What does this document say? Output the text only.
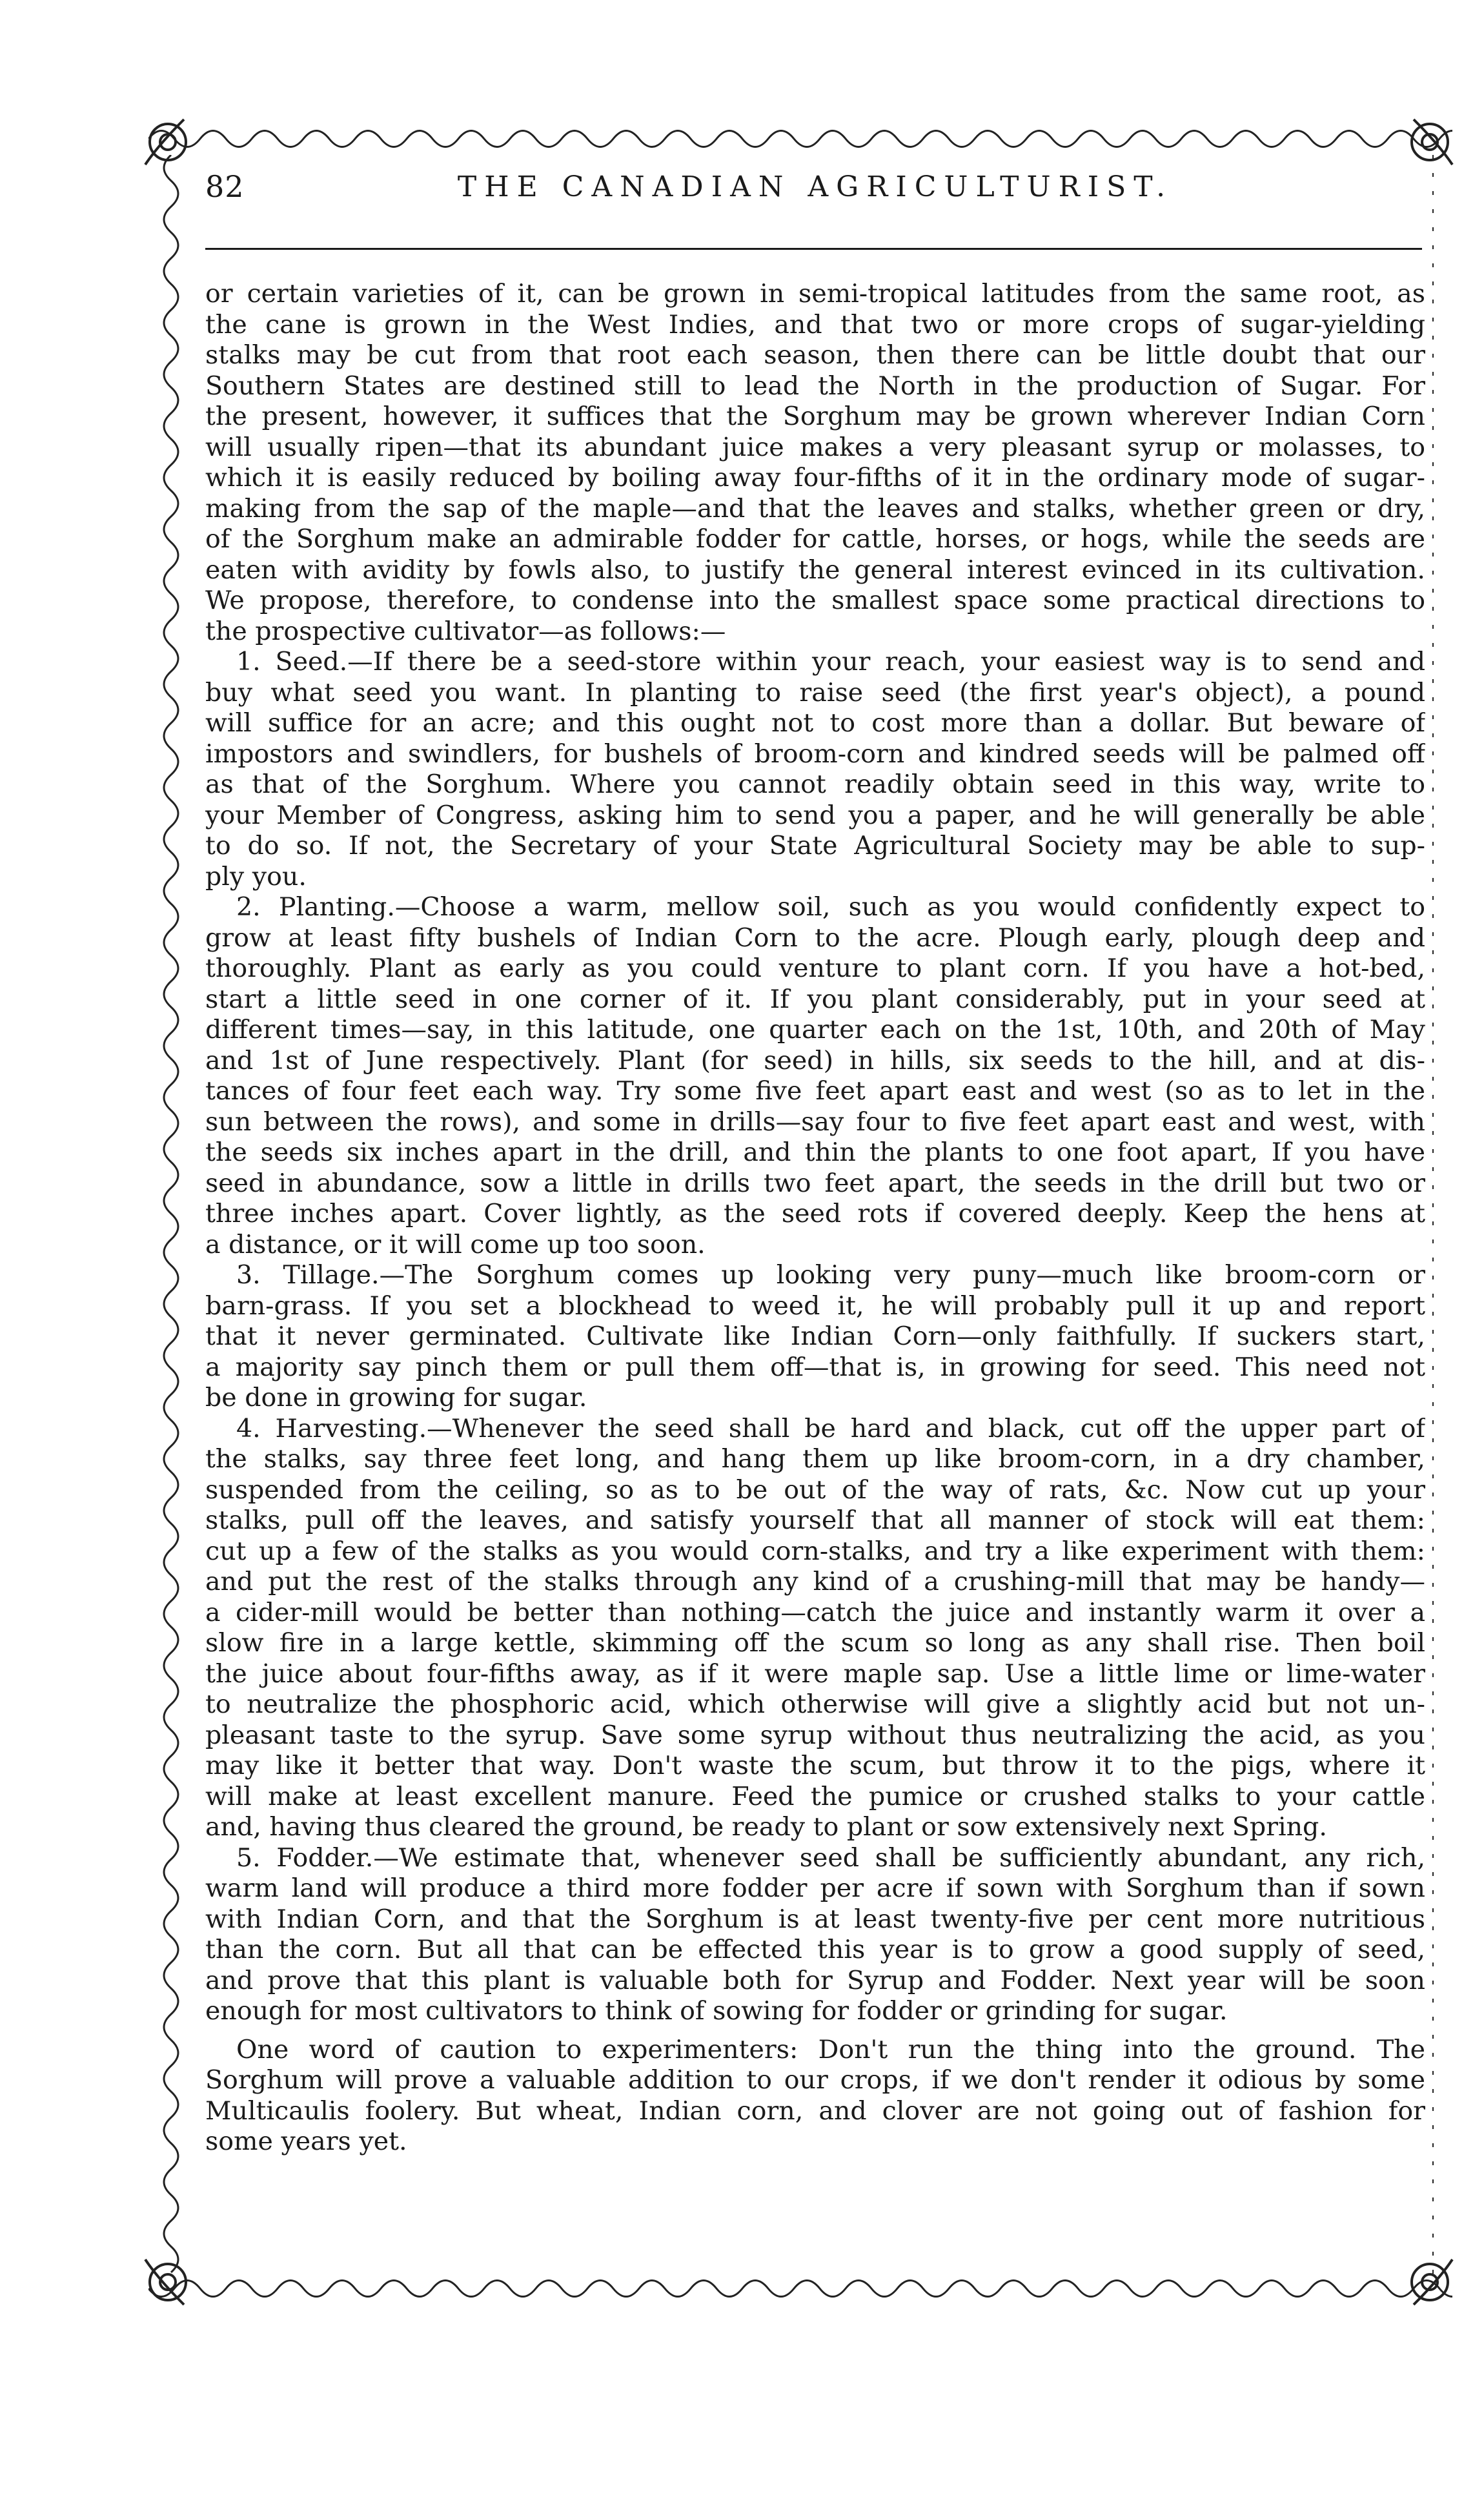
82	THE CANADIAN AGRICULTURIST.
or certain varieties of it, can be grown in semi-tropical latitudes from the same root, as
the cane is grown in the West Indies, and that two or more crops of sugar-yielding
stalks may be cut from that root each season, then there can be little doubt that our
Southern States are destined still to lead the North in the production of Sugar. For
the present, however, it suffices that the Sorghum may be grown wherever Indian Corn
will usually ripen—that its abundant juice makes a very pleasant syrup or molasses, to
which it is easily reduced by boiling away four-fifths of it in the ordinary mode of sugar-
making from the sap of the maple—and that the leaves and stalks, whether green or dry,
of the Sorghum make an admirable fodder for cattle, horses, or hogs, while the seeds are
eaten with avidity by fowls also, to justify the general interest evinced in its cultivation.
We propose, therefore, to condense into the smallest space some practical directions to
the prospective cultivator—as follows:—
1. Seed.—If there be a seed-store within your reach, your easiest way is to send and
buy what seed you want. In planting to raise seed (the first year's object), a pound
will suffice for an acre; and this ought not to cost more than a dollar. But beware of
impostors and swindlers, for bushels of broom-corn and kindred seeds will be palmed off
as that of the Sorghum. Where you cannot readily obtain seed in this way, write to
your Member of Congress, asking him to send you a paper, and he will generally be able
to do so. If not, the Secretary of your State Agricultural Society may be able to sup-
ply you.
2. Planting.—Choose a warm, mellow soil, such as you would confidently expect to
grow at least fifty bushels of Indian Corn to the acre. Plough early, plough deep and
thoroughly. Plant as early as you could venture to plant corn. If you have a hot-bed,
start a little seed in one corner of it. If you plant considerably, put in your seed at
different times—say, in this latitude, one quarter each on the 1st, 10th, and 20th of May
and 1st of June respectively. Plant (for seed) in hills, six seeds to the hill, and at dis-
tances of four feet each way. Try some five feet apart east and west (so as to let in the
sun between the rows), and some in drills—say four to five feet apart east and west, with
the seeds six inches apart in the drill, and thin the plants to one foot apart, If you have
seed in abundance, sow a little in drills two feet apart, the seeds in the drill but two or
three inches apart. Cover lightly, as the seed rots if covered deeply. Keep the hens at
a distance, or it will come up too soon.
3. Tillage.—The Sorghum comes up looking very puny—much like broom-corn or
barn-grass. If you set a blockhead to weed it, he will probably pull it up and report
that it never germinated. Cultivate like Indian Corn—only faithfully. If suckers start,
a majority say pinch them or pull them off—that is, in growing for seed. This need not
be done in growing for sugar.
4. Harvesting.—Whenever the seed shall be hard and black, cut off the upper part of
the stalks, say three feet long, and hang them up like broom-corn, in a dry chamber,
suspended from the ceiling, so as to be out of the way of rats, &c. Now cut up your
stalks, pull off the leaves, and satisfy yourself that all manner of stock will eat them:
cut up a few of the stalks as you would corn-stalks, and try a like experiment with them:
and put the rest of the stalks through any kind of a crushing-mill that may be handy—
a cider-mill would be better than nothing—catch the juice and instantly warm it over a
slow fire in a large kettle, skimming off the scum so long as any shall rise. Then boil
the juice about four-fifths away, as if it were maple sap. Use a little lime or lime-water
to neutralize the phosphoric acid, which otherwise will give a slightly acid but not un-
pleasant taste to the syrup. Save some syrup without thus neutralizing the acid, as you
may like it better that way. Don't waste the scum, but throw it to the pigs, where it
will make at least excellent manure. Feed the pumice or crushed stalks to your cattle
and, having thus cleared the ground, be ready to plant or sow extensively next Spring.
5. Fodder.—We estimate that, whenever seed shall be sufficiently abundant, any rich,
warm land will produce a third more fodder per acre if sown with Sorghum than if sown
with Indian Corn, and that the Sorghum is at least twenty-five per cent more nutritious
than the corn. But all that can be effected this year is to grow a good supply of seed,
and prove that this plant is valuable both for Syrup and Fodder. Next year will be soon
enough for most cultivators to think of sowing for fodder or grinding for sugar.
One word of caution to experimenters: Don't run the thing into the ground. The
Sorghum will prove a valuable addition to our crops, if we don't render it odious by some
Multicaulis foolery. But wheat, Indian corn, and clover are not going out of fashion for
some years yet.
